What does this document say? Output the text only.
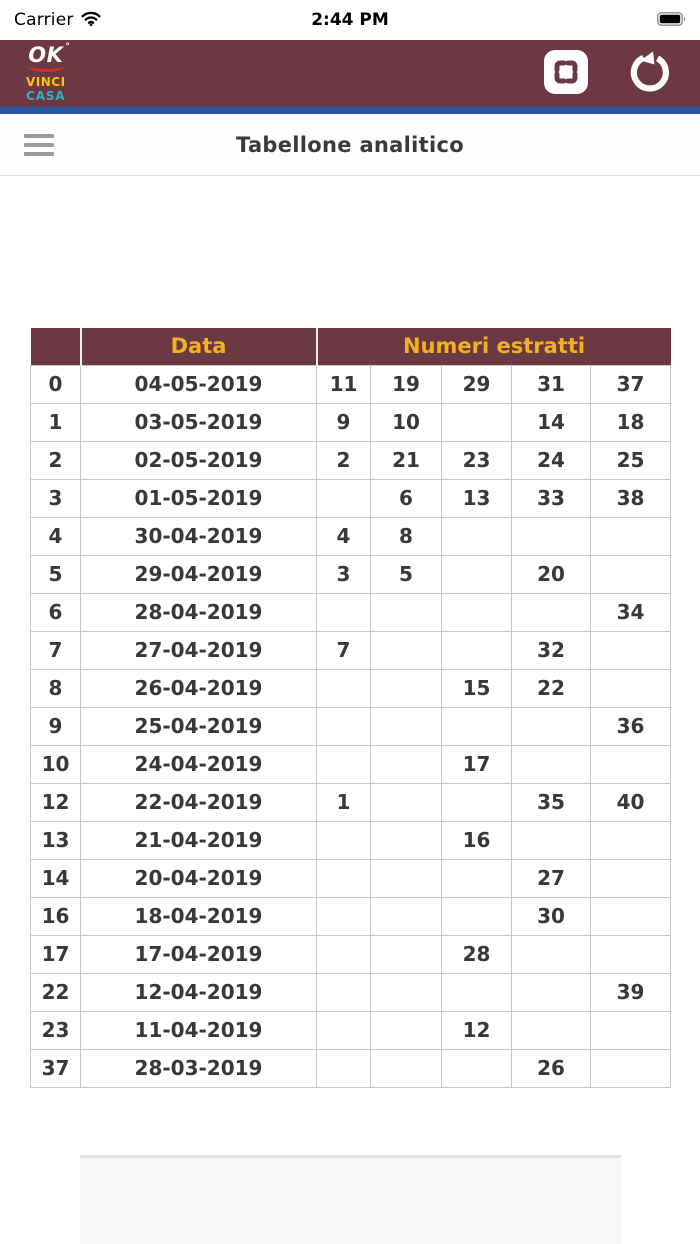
Carrier	2:44 PM
OK °
VINCI
CASA
Tabellone analitico
	Data	Numeri estratti				
0	04-05-2019	11	19	29	31	37
1	03-05-2019	9	10		14	18
2	02-05-2019	2	21	23	24	25
3	01-05-2019		6	13	33	38
4	30-04-2019	4	8			
5	29-04-2019	3	5		20	
6	28-04-2019					34
7	27-04-2019	7			32	
8	26-04-2019			15	22	
9	25-04-2019					36
10	24-04-2019			17		
12	22-04-2019	1			35	40
13	21-04-2019			16		
14	20-04-2019				27	
16	18-04-2019				30	
17	17-04-2019			28		
22	12-04-2019					39
23	11-04-2019			12		
37	28-03-2019				26	
